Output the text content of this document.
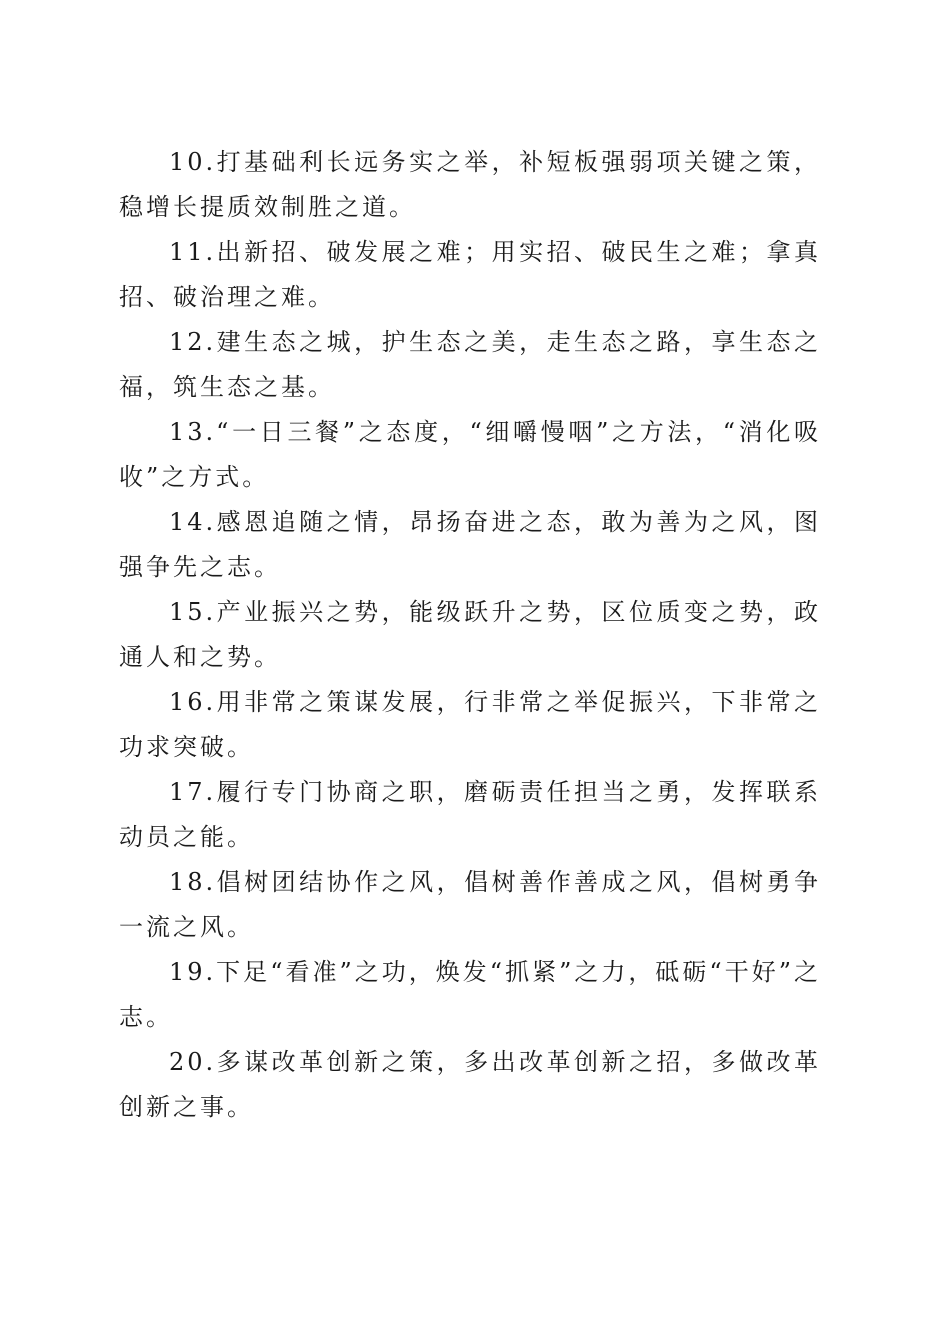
10.打基础利长远务实之举，补短板强弱项关键之策，稳增长提质效制胜之道。

11.出新招、破发展之难；用实招、破民生之难；拿真招、破治理之难。

12.建生态之城，护生态之美，走生态之路，享生态之福，筑生态之基。

13.“一日三餐”之态度，“细嚼慢咽”之方法，“消化吸收”之方式。

14.感恩追随之情，昂扬奋进之态，敢为善为之风，图强争先之志。

15.产业振兴之势，能级跃升之势，区位质变之势，政通人和之势。

16.用非常之策谋发展，行非常之举促振兴，下非常之功求突破。

17.履行专门协商之职，磨砺责任担当之勇，发挥联系动员之能。

18.倡树团结协作之风，倡树善作善成之风，倡树勇争一流之风。

19.下足“看准”之功，焕发“抓紧”之力，砥砺“干好”之志。

20.多谋改革创新之策，多出改革创新之招，多做改革创新之事。
